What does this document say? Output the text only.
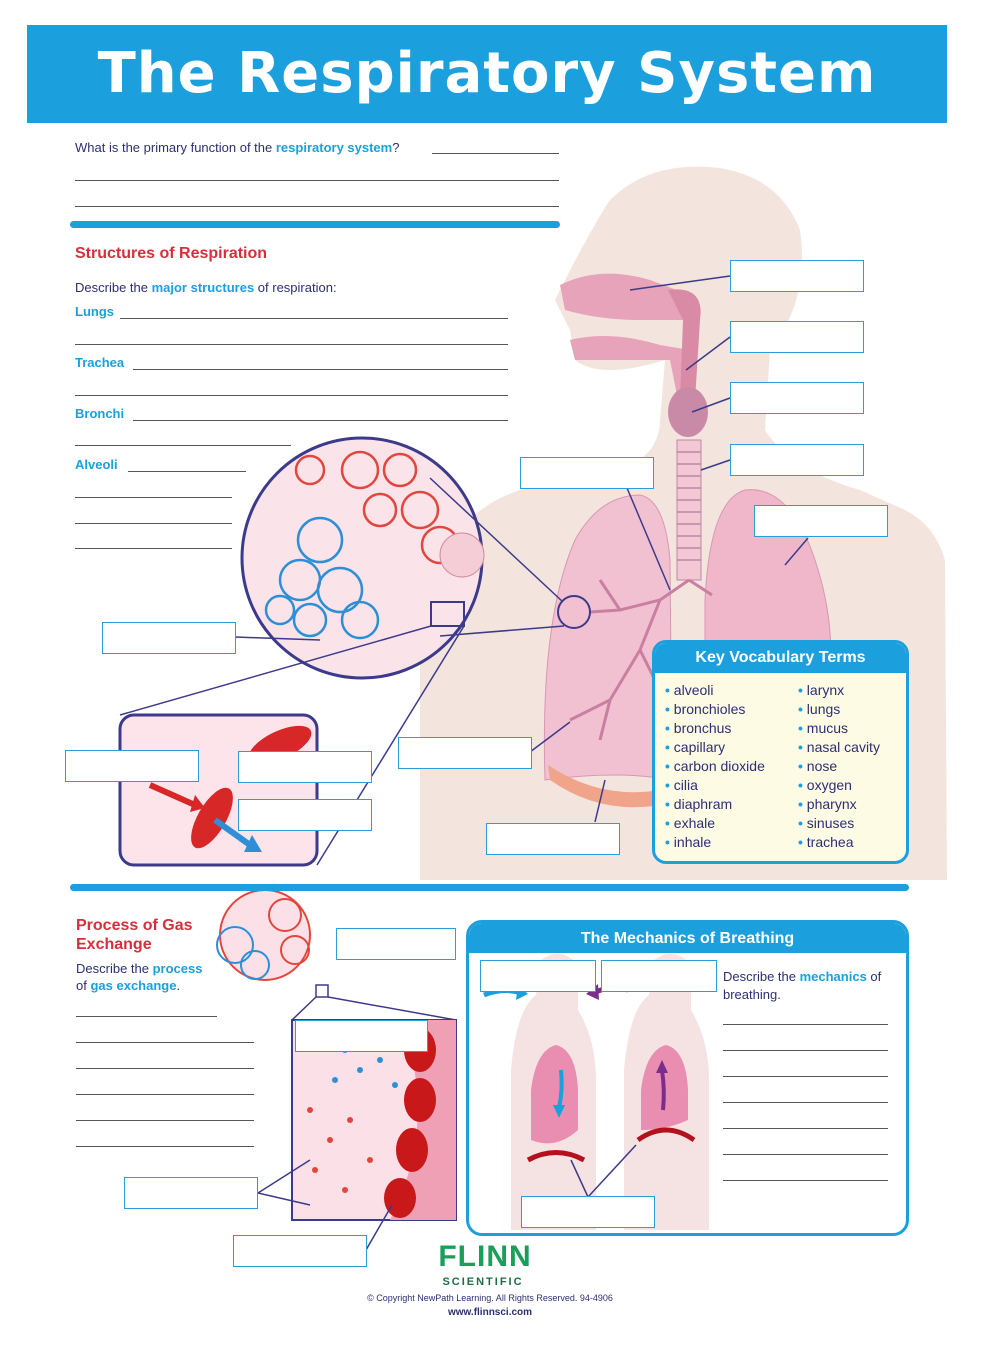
The Respiratory System
What is the primary function of the respiratory system?
Structures of Respiration
Describe the major structures of respiration:
Lungs
Trachea
Bronchi
Alveoli
Key Vocabulary Terms
• alveoli
• bronchioles
• bronchus
• capillary
• carbon dioxide
• cilia
• diaphram
• exhale
• inhale
• larynx
• lungs
• mucus
• nasal cavity
• nose
• oxygen
• pharynx
• sinuses
• trachea
Process of Gas
Exchange
Describe the process
of gas exchange.
The Mechanics of Breathing
Describe the mechanics of
breathing.
FLINN
SCIENTIFIC
© Copyright NewPath Learning. All Rights Reserved. 94-4906
www.flinnsci.com
